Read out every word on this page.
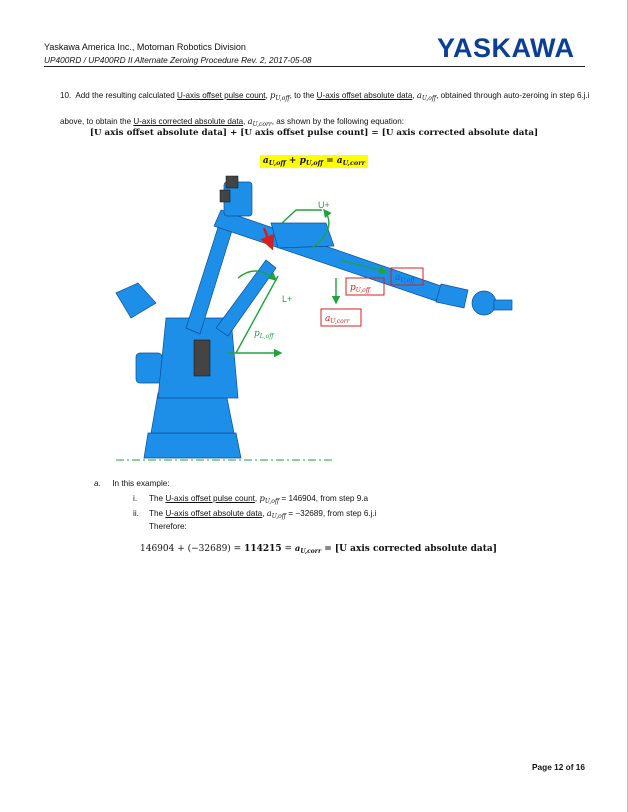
Yaskawa America Inc., Motoman Robotics Division
UP400RD / UP400RD II Alternate Zeroing Procedure Rev. 2, 2017-05-08	YASKAWA
10. Add the resulting calculated U-axis offset pulse count, $p_{U,off}$, to the U-axis offset absolute data, $a_{U,off}$, obtained through auto-zeroing in step 6.j.i above, to obtain the U-axis corrected absolute data, $a_{U,corr}$, as shown by the following equation:
[U axis offset absolute data] + [U axis offset pulse count] = [U axis corrected absolute data]
$a_{U,off} + p_{U,off} = a_{U,corr}$
U+
L+
$p_{L,off}$
$p_{U,off}$
$a_{U,off}$
$a_{U,corr}$
a. In this example:
i. The U-axis offset pulse count, $p_{U,off} = 146904$, from step 9.a
ii. The U-axis offset absolute data, $a_{U,off} = -32689$, from step 6.j.i
Therefore:
$146904 + (-32689) = 114215 = a_{U,corr} = [U$ axis corrected absolute data]
Page 12 of 16
